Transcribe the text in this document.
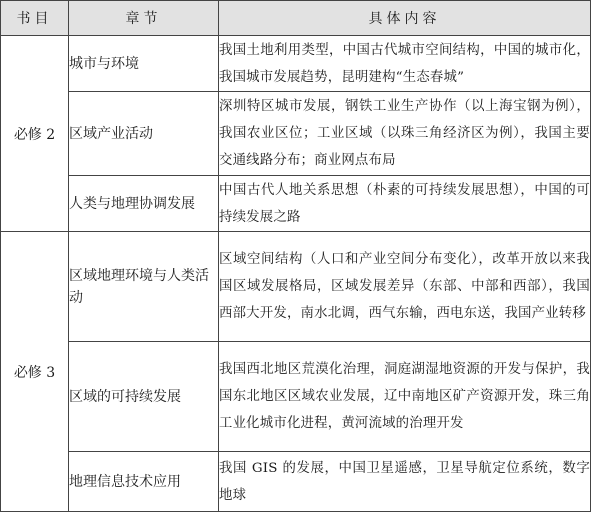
书目	章节	具体内容
必修 2	城市与环境	我国土地利用类型，中国古代城市空间结构，中国的城市化，我国城市发展趋势，昆明建构“生态春城”
	区域产业活动	深圳特区城市发展，钢铁工业生产协作（以上海宝钢为例），我国农业区位；工业区域（以珠三角经济区为例），我国主要交通线路分布；商业网点布局
	人类与地理协调发展	中国古代人地关系思想（朴素的可持续发展思想），中国的可持续发展之路
必修 3	区域地理环境与人类活动	区域空间结构（人口和产业空间分布变化），改革开放以来我国区域发展格局，区域发展差异（东部、中部和西部），我国西部大开发，南水北调，西气东输，西电东送，我国产业转移
	区域的可持续发展	我国西北地区荒漠化治理，洞庭湖湿地资源的开发与保护，我国东北地区区域农业发展，辽中南地区矿产资源开发，珠三角工业化城市化进程，黄河流域的治理开发
	地理信息技术应用	我国 GIS 的发展，中国卫星遥感，卫星导航定位系统，数字地球
